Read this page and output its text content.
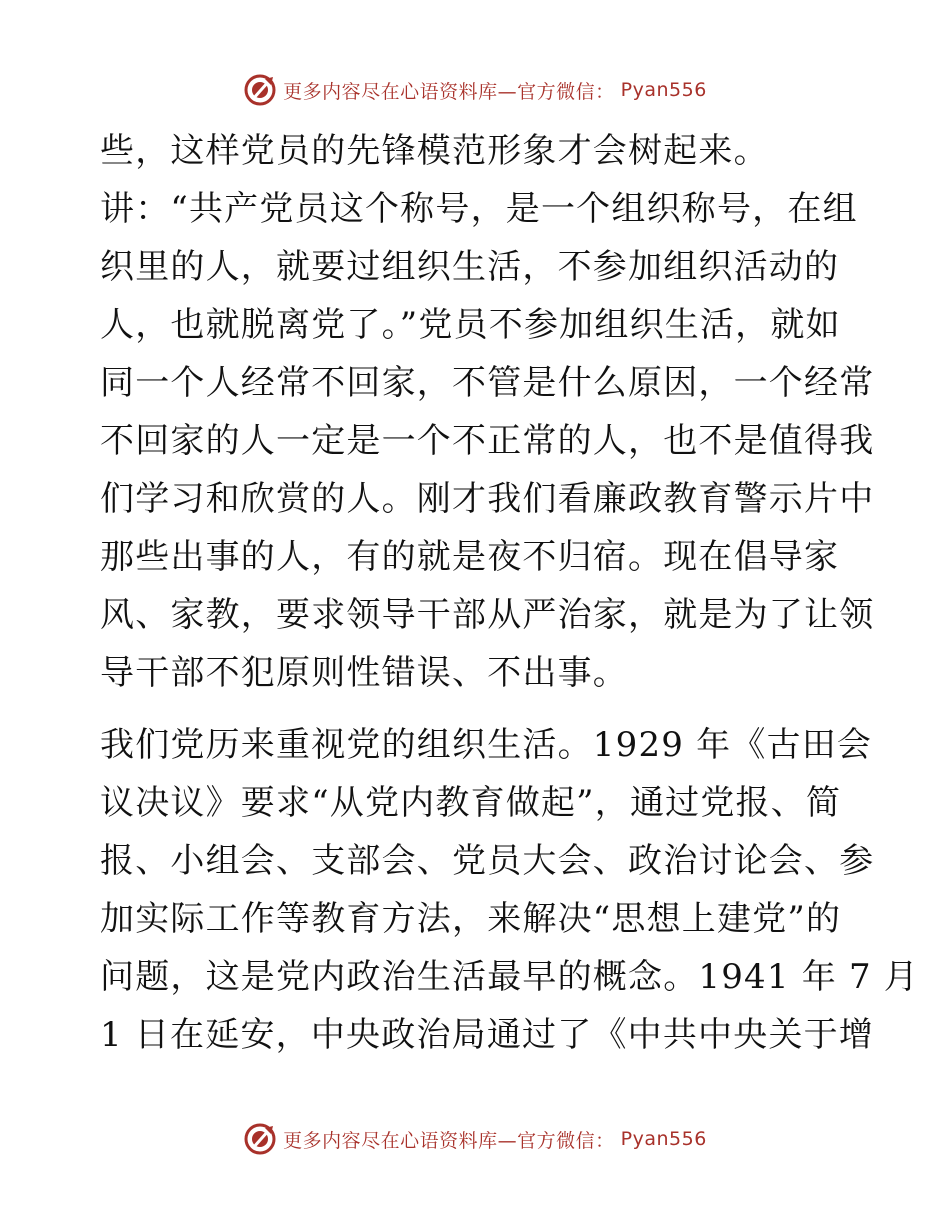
更多内容尽在心语资料库—官方微信： Pyan556
些，这样党员的先锋模范形象才会树起来。
讲：“共产党员这个称号，是一个组织称号，在组
织里的人，就要过组织生活，不参加组织活动的
人，也就脱离党了。”党员不参加组织生活，就如
同一个人经常不回家，不管是什么原因，一个经常
不回家的人一定是一个不正常的人，也不是值得我
们学习和欣赏的人。刚才我们看廉政教育警示片中
那些出事的人，有的就是夜不归宿。现在倡导家
风、家教，要求领导干部从严治家，就是为了让领
导干部不犯原则性错误、不出事。
我们党历来重视党的组织生活。1929 年《古田会
议决议》要求“从党内教育做起”，通过党报、简
报、小组会、支部会、党员大会、政治讨论会、参
加实际工作等教育方法，来解决“思想上建党”的
问题，这是党内政治生活最早的概念。1941 年 7 月
1 日在延安，中央政治局通过了《中共中央关于增
更多内容尽在心语资料库—官方微信： Pyan556
